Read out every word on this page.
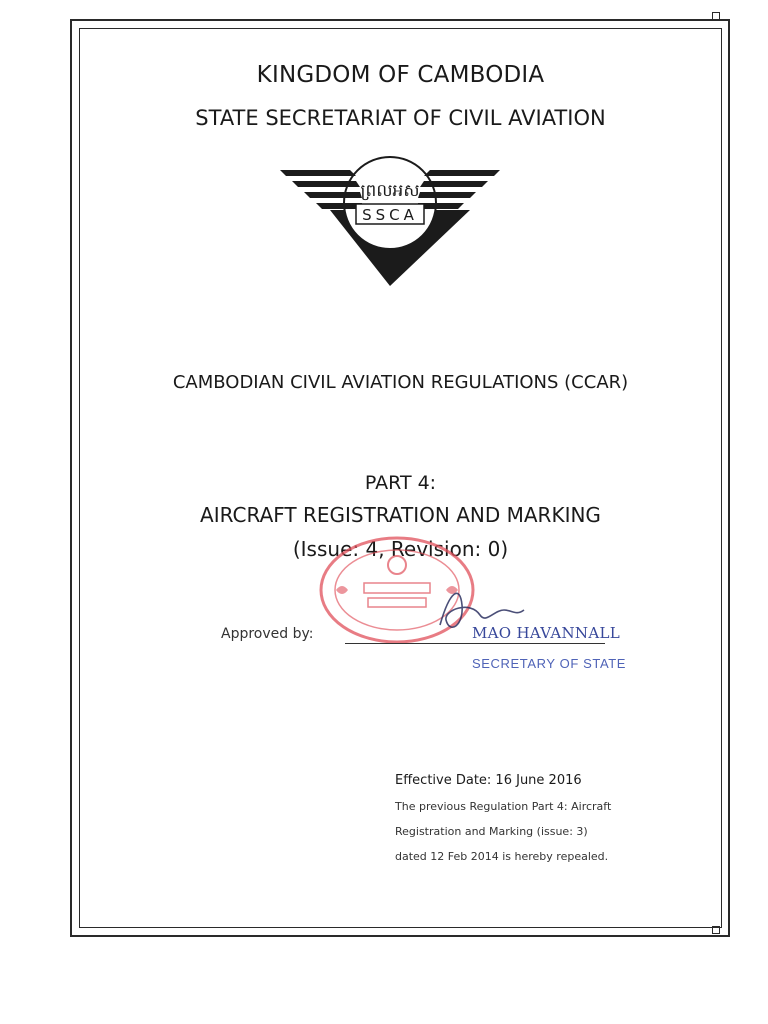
KINGDOM OF CAMBODIA
STATE SECRETARIAT OF CIVIL AVIATION
ព្រលអស
SSCA
CAMBODIAN CIVIL AVIATION REGULATIONS (CCAR)
PART 4:
AIRCRAFT REGISTRATION AND MARKING
(Issue: 4, Revision: 0)
Approved by:	MAO HAVANNALL
SECRETARY OF STATE
Effective Date: 16 June 2016
The previous Regulation Part 4: Aircraft
Registration and Marking (issue: 3)
dated 12 Feb 2014 is hereby repealed.
